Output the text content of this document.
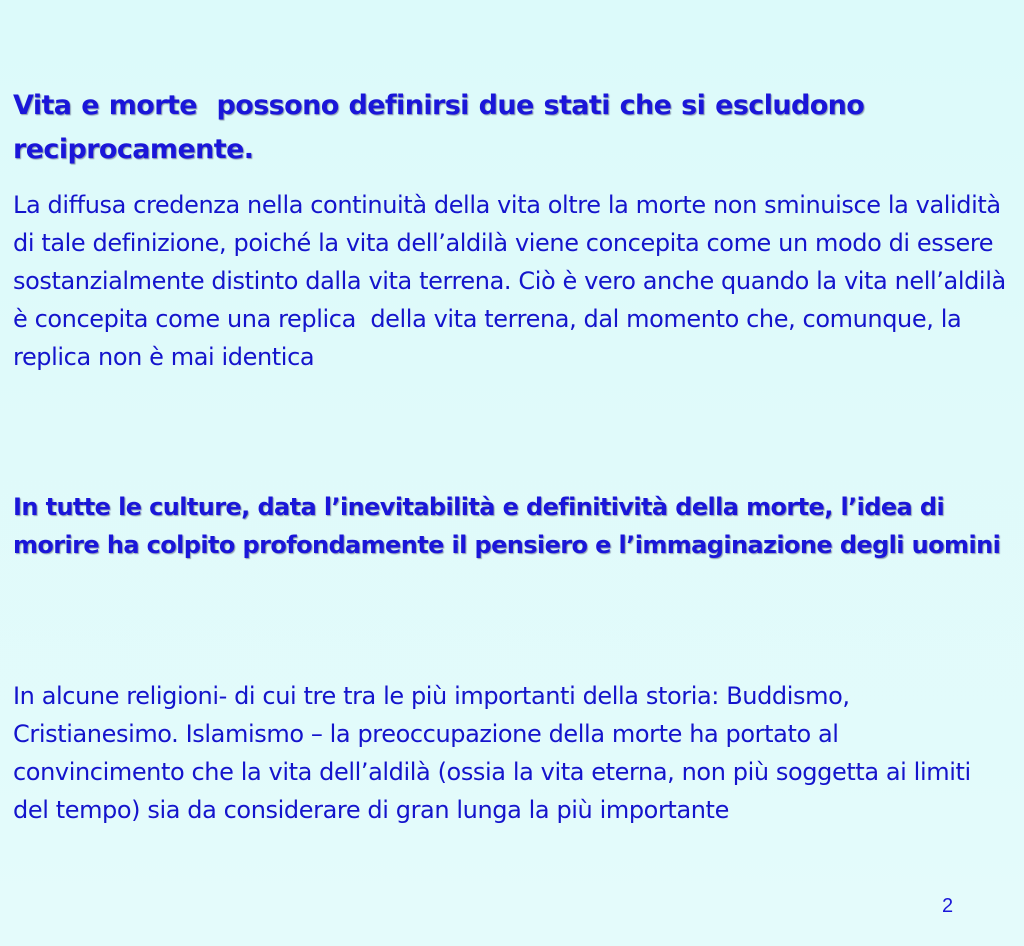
Vita e morte  possono definirsi due stati che si escludono reciprocamente.

La diffusa credenza nella continuità della vita oltre la morte non sminuisce la validità  di tale definizione, poiché la vita dell’aldilà viene concepita come un modo di essere sostanzialmente distinto dalla vita terrena. Ciò è vero anche quando la vita nell’aldilà è concepita come una replica  della vita terrena, dal momento che, comunque, la replica non è mai identica

In tutte le culture, data l’inevitabilità e definitività della morte, l’idea di morire ha colpito profondamente il pensiero e l’immaginazione degli uomini

In alcune religioni- di cui tre tra le più importanti della storia: Buddismo, Cristianesimo. Islamismo – la preoccupazione della morte ha portato al convincimento che la vita dell’aldilà (ossia la vita eterna, non più soggetta ai limiti del tempo) sia da considerare di gran lunga la più importante

2
